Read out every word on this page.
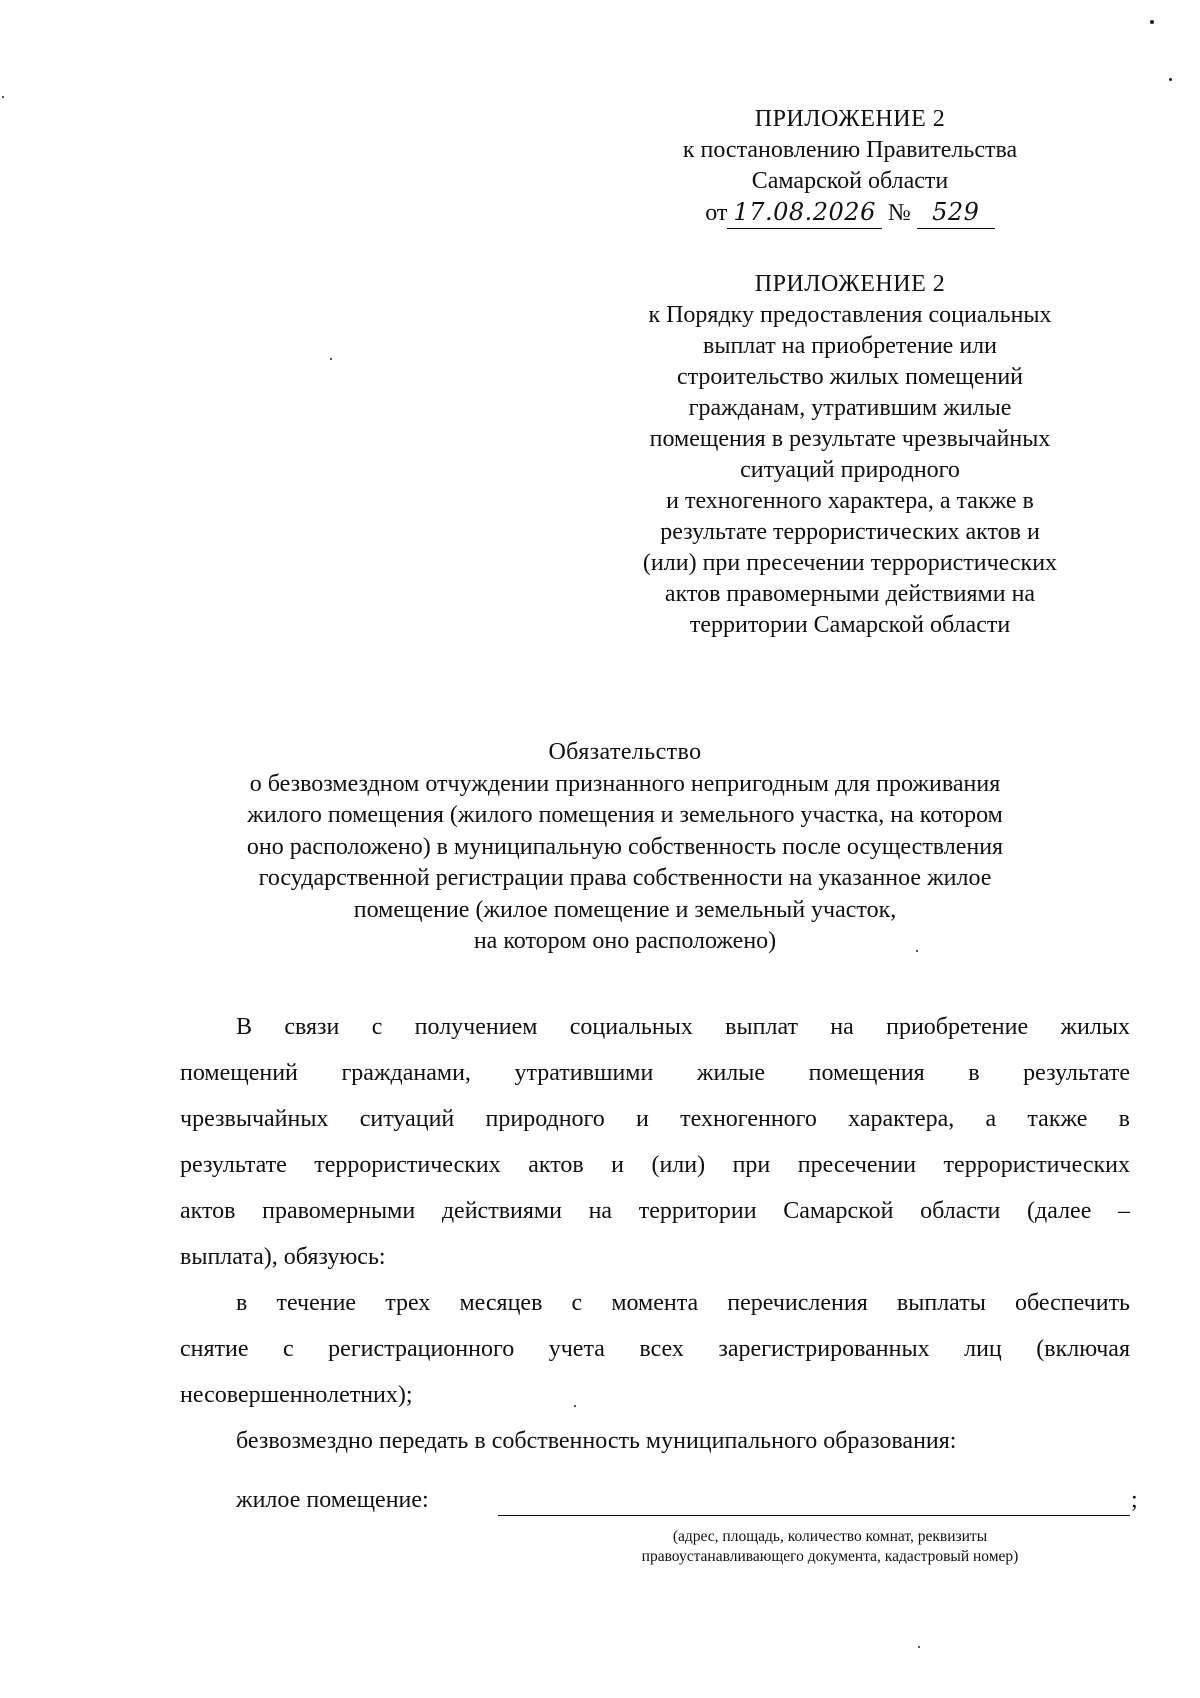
ПРИЛОЖЕНИЕ 2
к постановлению Правительства
Самарской области
от 17.08.2026 № 529
ПРИЛОЖЕНИЕ 2
к Порядку предоставления социальных
выплат на приобретение или
строительство жилых помещений
гражданам, утратившим жилые
помещения в результате чрезвычайных
ситуаций природного
и техногенного характера, а также в
результате террористических актов и
(или) при пресечении террористических
актов правомерными действиями на
территории Самарской области
Обязательство
о безвозмездном отчуждении признанного непригодным для проживания
жилого помещения (жилого помещения и земельного участка, на котором
оно расположено) в муниципальную собственность после осуществления
государственной регистрации права собственности на указанное жилое
помещение (жилое помещение и земельный участок,
на котором оно расположено)
В связи с получением социальных выплат на приобретение жилых
помещений гражданами, утратившими жилые помещения в результате
чрезвычайных ситуаций природного и техногенного характера, а также в
результате террористических актов и (или) при пресечении террористических
актов правомерными действиями на территории Самарской области (далее –
выплата), обязуюсь:
в течение трех месяцев с момента перечисления выплаты обеспечить
снятие с регистрационного учета всех зарегистрированных лиц (включая
несовершеннолетних);
безвозмездно передать в собственность муниципального образования:
жилое помещение:	;
(адрес, площадь, количество комнат, реквизиты
правоустанавливающего документа, кадастровый номер)
